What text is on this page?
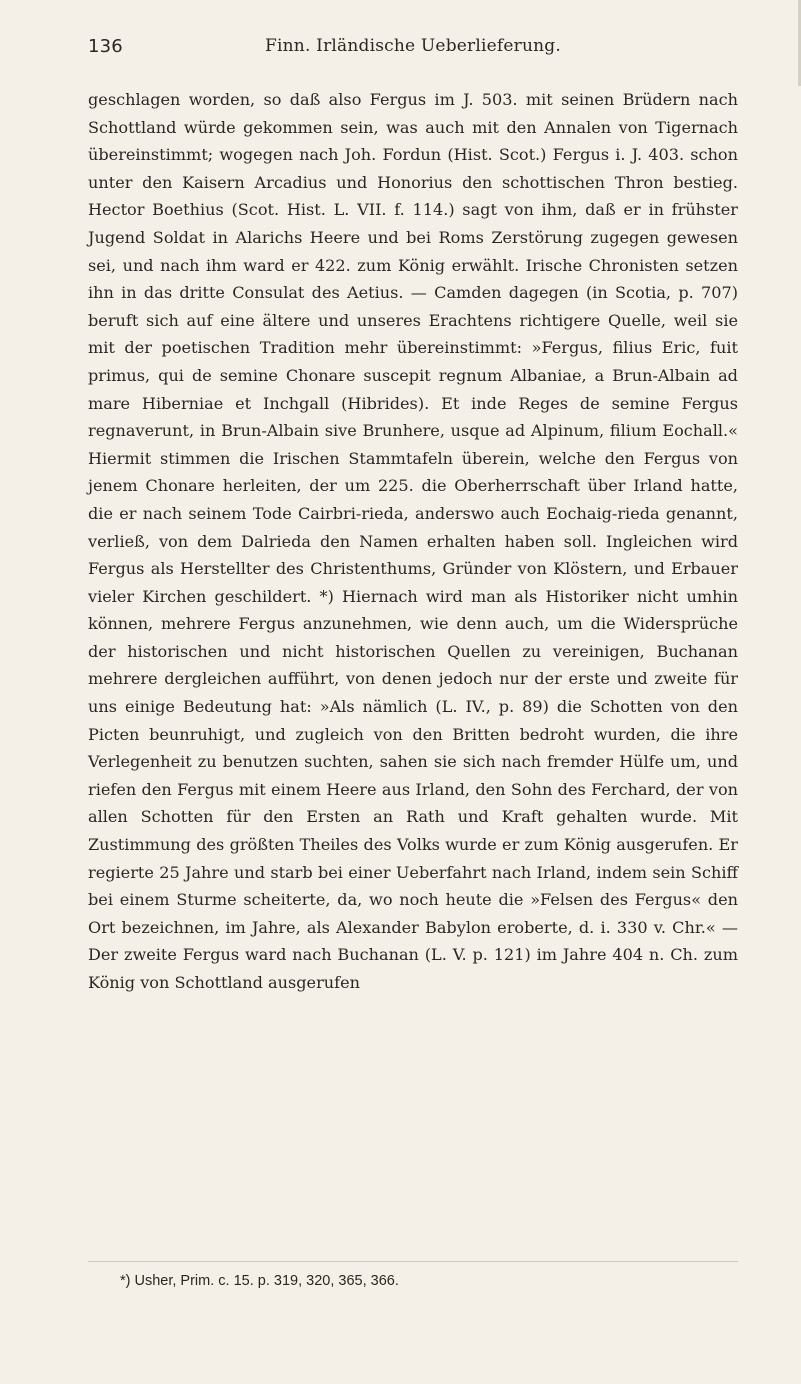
136	Finn. Irländische Ueberlieferung.

geschlagen worden, so daß also Fergus im J. 503. mit seinen Brüdern nach Schottland würde gekommen sein, was auch mit den Annalen von Tigernach übereinstimmt; wogegen nach Joh. Fordun (Hist. Scot.) Fergus i. J. 403. schon unter den Kaisern Arcadius und Honorius den schottischen Thron bestieg. Hector Boethius (Scot. Hist. L. VII. f. 114.) sagt von ihm, daß er in frühster Jugend Soldat in Alarichs Heere und bei Roms Zerstörung zugegen gewesen sei, und nach ihm ward er 422. zum König erwählt. Irische Chronisten setzen ihn in das dritte Consulat des Aetius. — Camden dagegen (in Scotia, p. 707) beruft sich auf eine ältere und unseres Erachtens richtigere Quelle, weil sie mit der poetischen Tradition mehr übereinstimmt: »Fergus, filius Eric, fuit primus, qui de semine Chonare suscepit regnum Albaniae, a Brun-Albain ad mare Hiberniae et Inchgall (Hibrides). Et inde Reges de semine Fergus regnaverunt, in Brun-Albain sive Brunhere, usque ad Alpinum, filium Eochall.« Hiermit stimmen die Irischen Stammtafeln überein, welche den Fergus von jenem Chonare herleiten, der um 225. die Oberherrschaft über Irland hatte, die er nach seinem Tode Cairbri-rieda, anderswo auch Eochaig-rieda genannt, verließ, von dem Dalrieda den Namen erhalten haben soll. Ingleichen wird Fergus als Herstellter des Christenthums, Gründer von Klöstern, und Erbauer vieler Kirchen geschildert. *) Hiernach wird man als Historiker nicht umhin können, mehrere Fergus anzunehmen, wie denn auch, um die Widersprüche der historischen und nicht historischen Quellen zu vereinigen, Buchanan mehrere dergleichen aufführt, von denen jedoch nur der erste und zweite für uns einige Bedeutung hat: »Als nämlich (L. IV., p. 89) die Schotten von den Picten beunruhigt, und zugleich von den Britten bedroht wurden, die ihre Verlegenheit zu benutzen suchten, sahen sie sich nach fremder Hülfe um, und riefen den Fergus mit einem Heere aus Irland, den Sohn des Ferchard, der von allen Schotten für den Ersten an Rath und Kraft gehalten wurde. Mit Zustimmung des größten Theiles des Volks wurde er zum König ausgerufen. Er regierte 25 Jahre und starb bei einer Ueberfahrt nach Irland, indem sein Schiff bei einem Sturme scheiterte, da, wo noch heute die »Felsen des Fergus« den Ort bezeichnen, im Jahre, als Alexander Babylon eroberte, d. i. 330 v. Chr.« — Der zweite Fergus ward nach Buchanan (L. V. p. 121) im Jahre 404 n. Ch. zum König von Schottland ausgerufen

*) Usher, Prim. c. 15. p. 319, 320, 365, 366.
